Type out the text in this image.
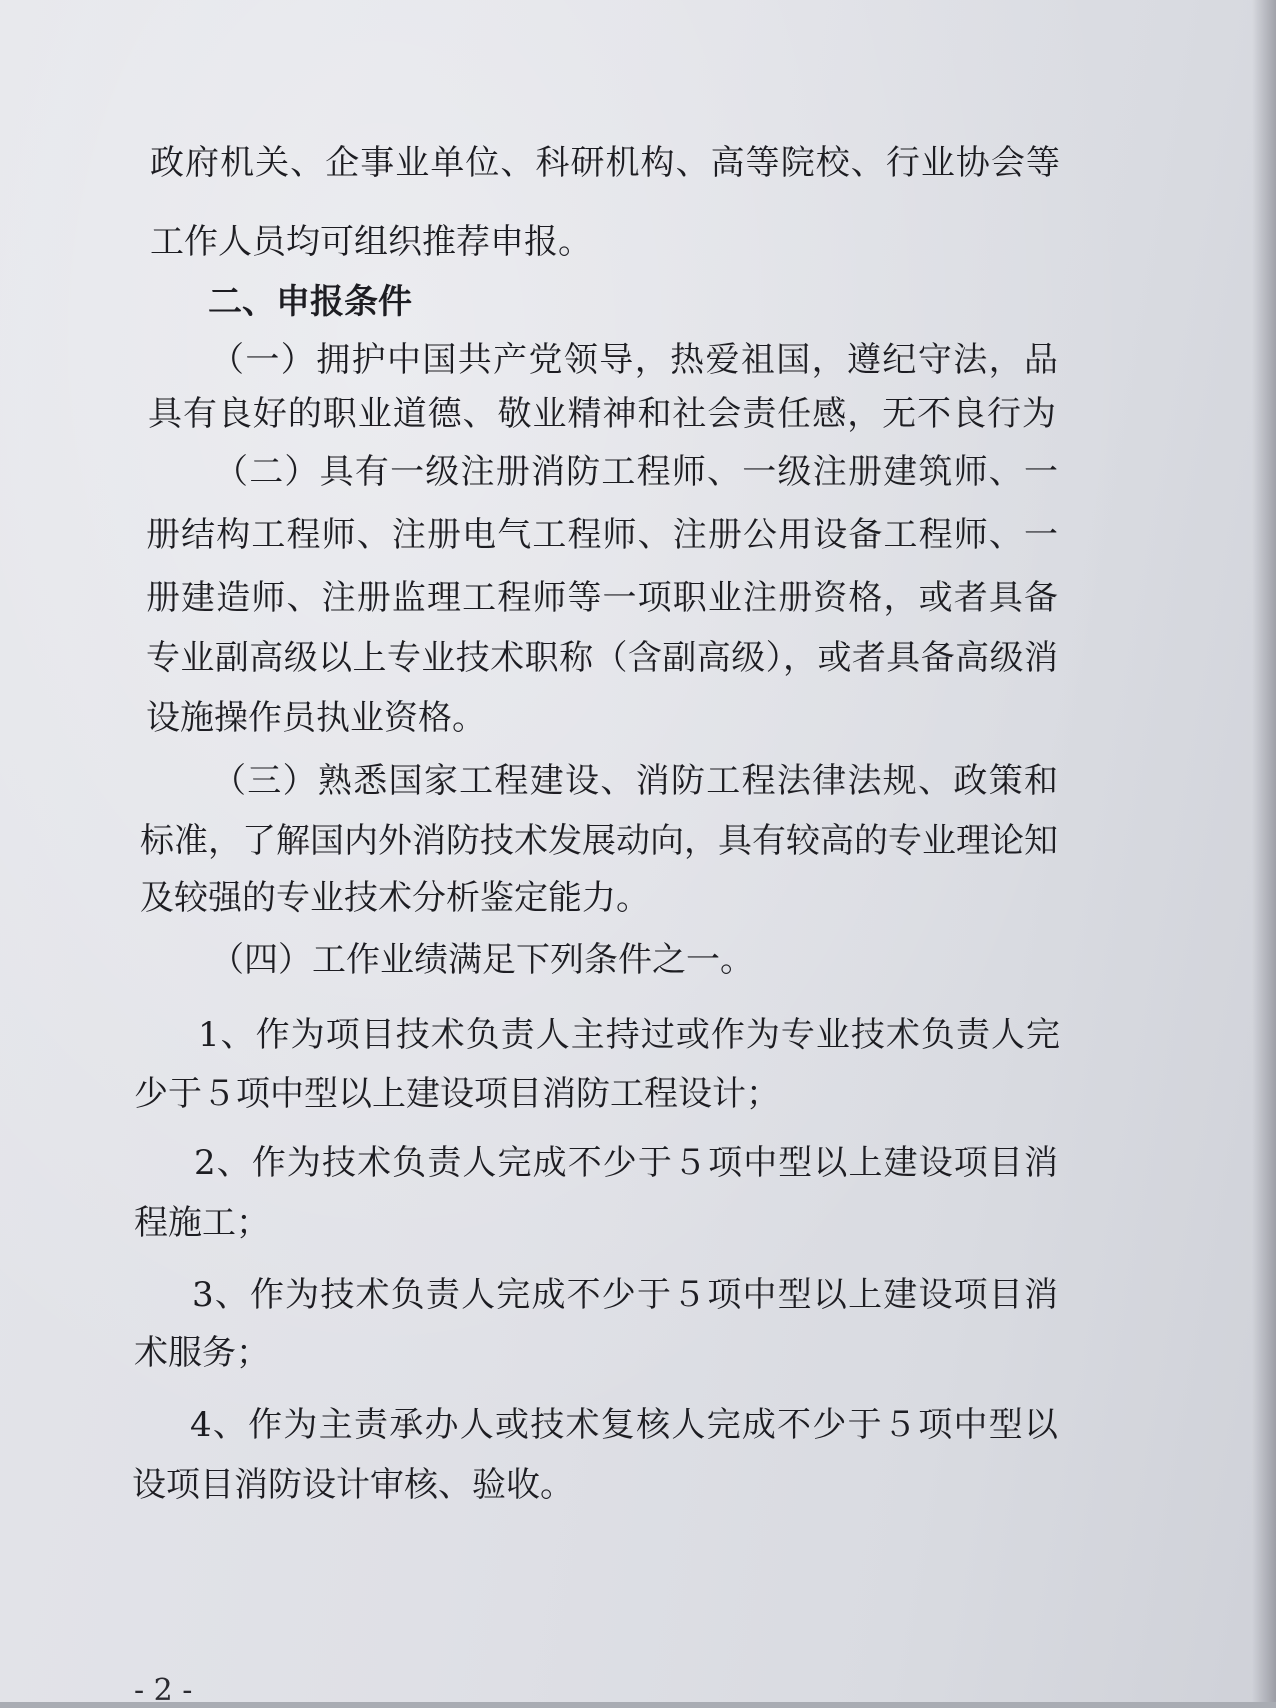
政府机关、企事业单位、科研机构、高等院校、行业协会等

工作人员均可组织推荐申报。

二、申报条件

（一）拥护中国共产党领导，热爱祖国，遵纪守法，品

具有良好的职业道德、敬业精神和社会责任感，无不良行为

（二）具有一级注册消防工程师、一级注册建筑师、一

册结构工程师、注册电气工程师、注册公用设备工程师、一

册建造师、注册监理工程师等一项职业注册资格，或者具备

专业副高级以上专业技术职称（含副高级），或者具备高级消

设施操作员执业资格。

（三）熟悉国家工程建设、消防工程法律法规、政策和

标准，了解国内外消防技术发展动向，具有较高的专业理论知

及较强的专业技术分析鉴定能力。

（四）工作业绩满足下列条件之一。

1、作为项目技术负责人主持过或作为专业技术负责人完

少于５项中型以上建设项目消防工程设计；

2、作为技术负责人完成不少于５项中型以上建设项目消

程施工；

3、作为技术负责人完成不少于５项中型以上建设项目消

术服务；

4、作为主责承办人或技术复核人完成不少于５项中型以

设项目消防设计审核、验收。

- 2 -
